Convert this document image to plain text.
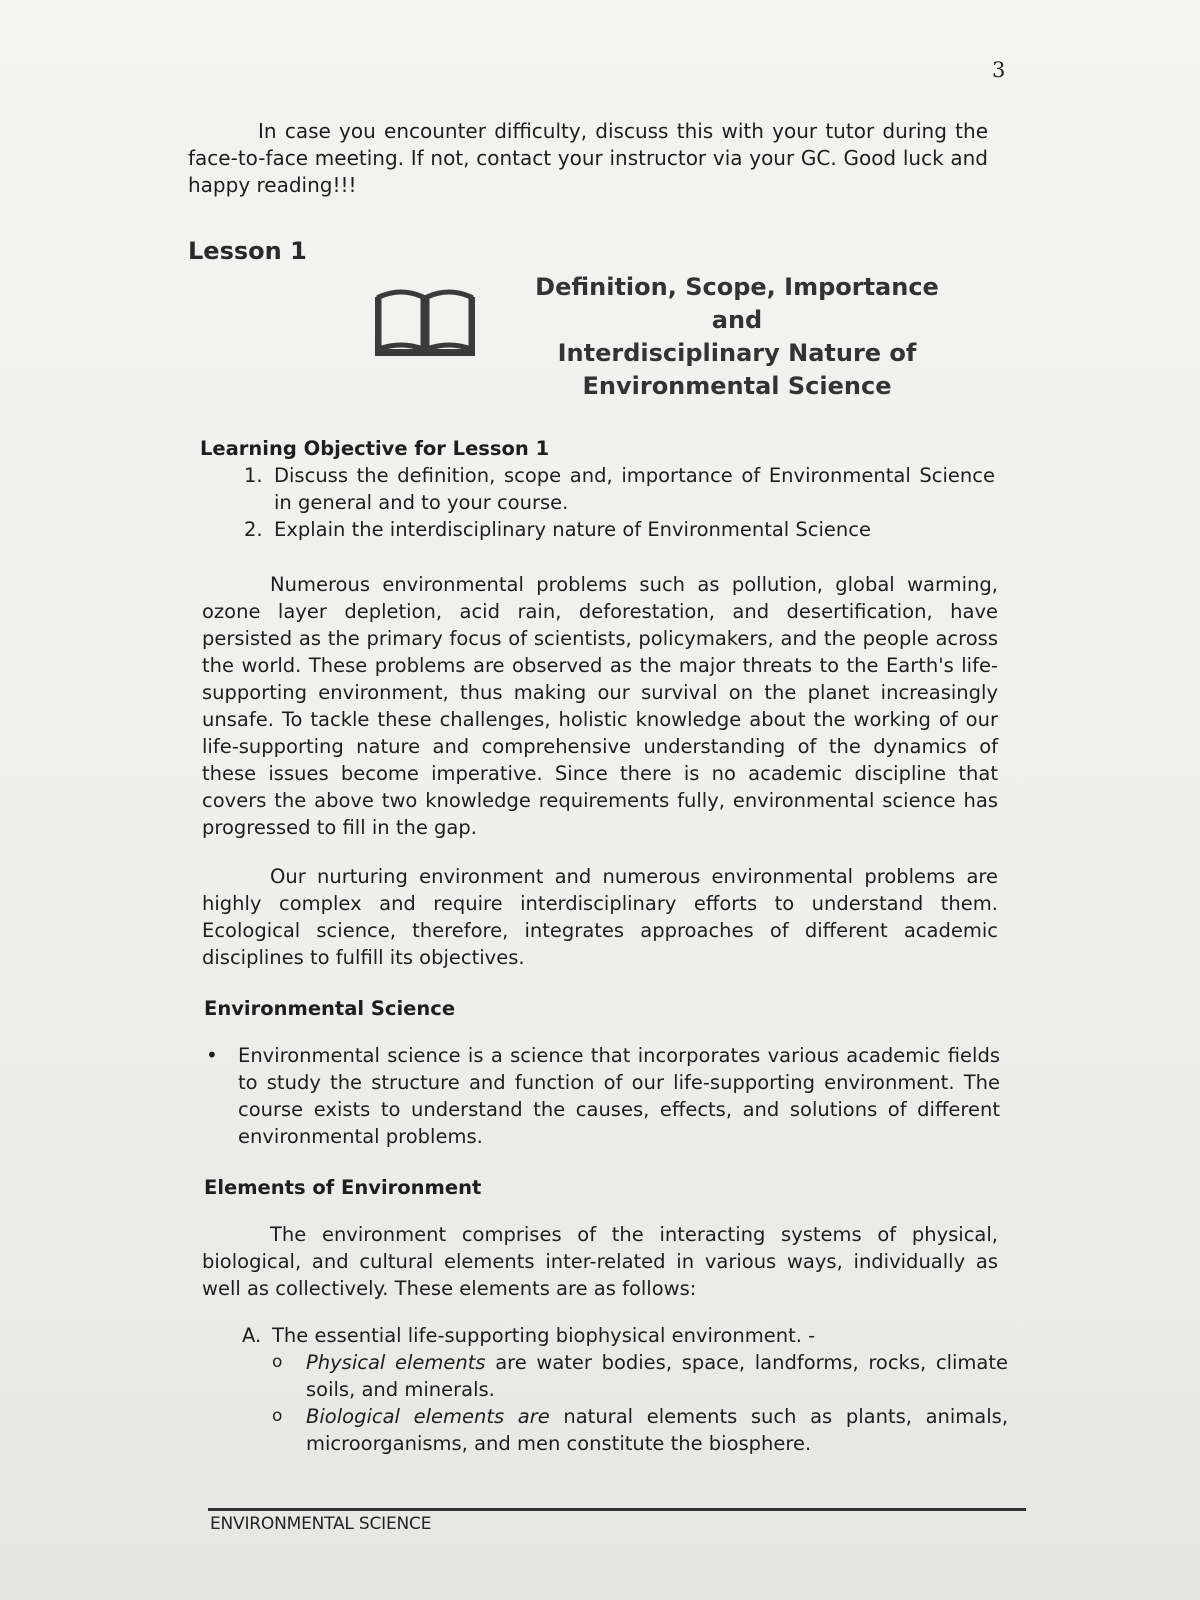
3

In case you encounter difficulty, discuss this with your tutor during the face-to-face meeting. If not, contact your instructor via your GC. Good luck and happy reading!!!

Lesson 1
Definition, Scope, Importance and
Interdisciplinary Nature of
Environmental Science
Learning Objective for Lesson 1
1. Discuss the definition, scope and, importance of Environmental Science in general and to your course.
2. Explain the interdisciplinary nature of Environmental Science

Numerous environmental problems such as pollution, global warming, ozone layer depletion, acid rain, deforestation, and desertification, have persisted as the primary focus of scientists, policymakers, and the people across the world. These problems are observed as the major threats to the Earth's life-supporting environment, thus making our survival on the planet increasingly unsafe. To tackle these challenges, holistic knowledge about the working of our life-supporting nature and comprehensive understanding of the dynamics of these issues become imperative. Since there is no academic discipline that covers the above two knowledge requirements fully, environmental science has progressed to fill in the gap.

Our nurturing environment and numerous environmental problems are highly complex and require interdisciplinary efforts to understand them. Ecological science, therefore, integrates approaches of different academic disciplines to fulfill its objectives.

Environmental Science
• Environmental science is a science that incorporates various academic fields to study the structure and function of our life-supporting environment. The course exists to understand the causes, effects, and solutions of different environmental problems.
Elements of Environment

The environment comprises of the interacting systems of physical, biological, and cultural elements inter-related in various ways, individually as well as collectively. These elements are as follows:

A. The essential life-supporting biophysical environment. -
o	Physical elements are water bodies, space, landforms, rocks, climate soils, and minerals.
o	Biological elements are natural elements such as plants, animals, microorganisms, and men constitute the biosphere.
ENVIRONMENTAL SCIENCE
